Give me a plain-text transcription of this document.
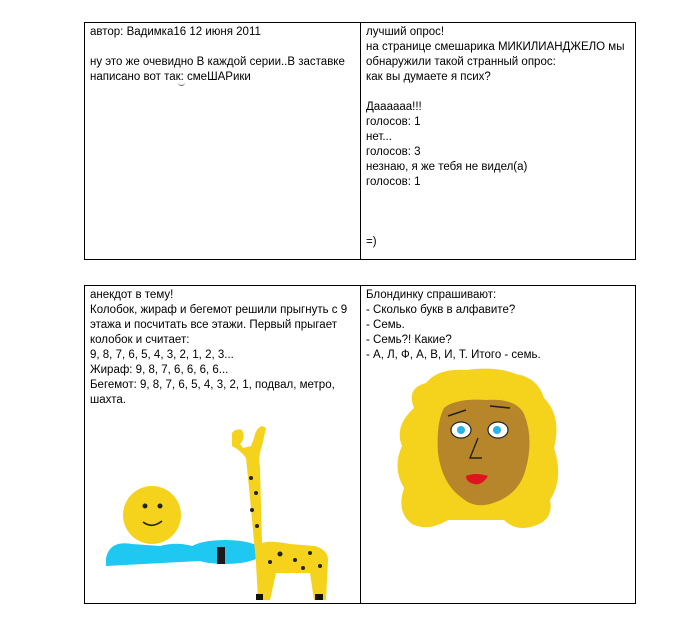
автор: Вадимка16 12 июня 2011

ну это же очевидно В каждой серии..В заставке написано вот так: смеШАРики

лучший опрос!
на странице смешарика МИКИЛИАНДЖЕЛО мы обнаружили такой странный опрос:
как вы думаете я псих?

Даааааа!!!
голосов: 1
нет...
голосов: 3
незнаю, я же тебя не видел(а)
голосов: 1

=)
анекдот в тему!
Колобок, жираф и бегемот решили прыгнуть с 9 этажа и посчитать все этажи. Первый прыгает колобок и считает:
9, 8, 7, 6, 5, 4, 3, 2, 1, 2, 3...
Жираф: 9, 8, 7, 6, 6, 6, 6...
Бегемот: 9, 8, 7, 6, 5, 4, 3, 2, 1, подвал, метро, шахта.

Блондинку спрашивают:
- Сколько букв в алфавите?
- Семь.
- Семь?! Какие?
- А, Л, Ф, А, В, И, Т. Итого - семь.
